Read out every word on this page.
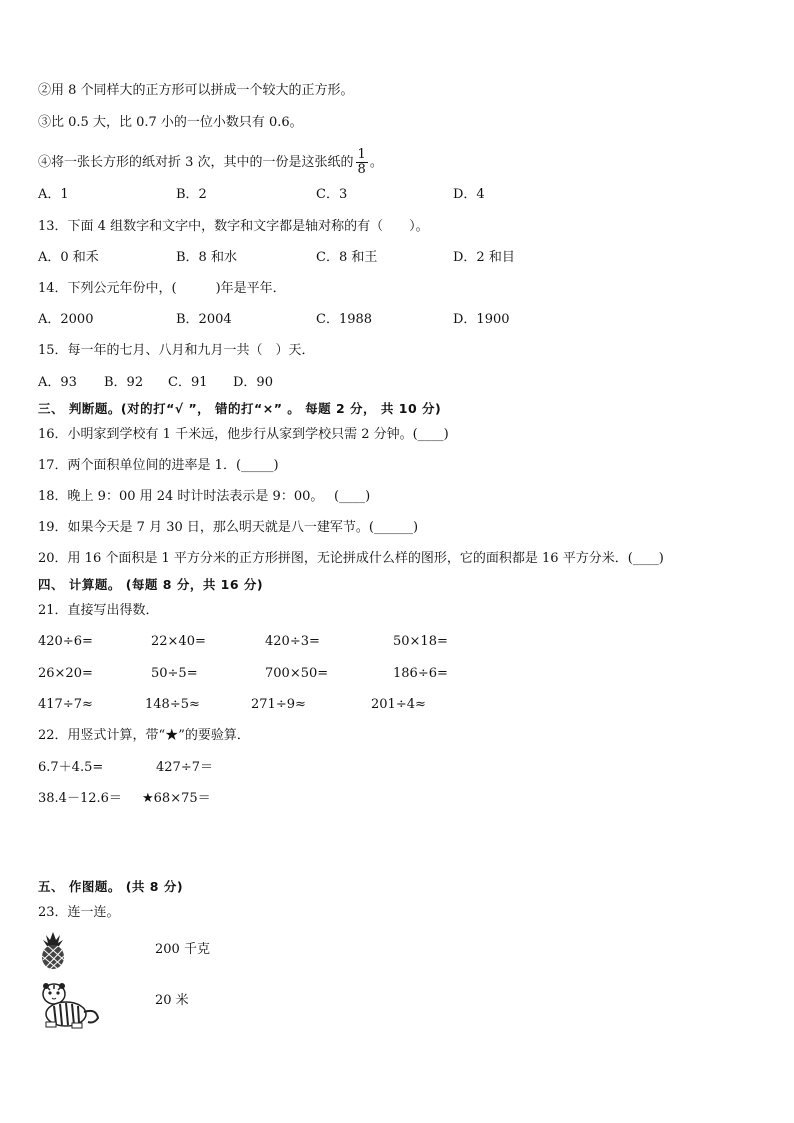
②用 8 个同样大的正方形可以拼成一个较大的正方形。
③比 0.5 大，比 0.7 小的一位小数只有 0.6。
④将一张长方形的纸对折 3 次，其中的一份是这张纸的 $\frac{1}{8}$ 。
A．1	B．2	C．3	D．4
13．下面 4 组数字和文字中，数字和文字都是轴对称的有（　　）。
A．0 和禾	B．8 和水	C．8 和王	D．2 和目
14．下列公元年份中，(　　　)年是平年．
A．2000	B．2004	C．1988	D．1900
15．每一年的七月、八月和九月一共（　）天．
A．93 B．92 C．91 D．90
三、 判断题。(对的打“√ ”， 错的打“×” 。 每题 2 分， 共 10 分)
16．小明家到学校有 1 千米远，他步行从家到学校只需 2 分钟。(____)
17．两个面积单位间的进率是 1．(_____)
18．晚上 9：00 用 24 时计时法表示是 9：00。　 (____)
19．如果今天是 7 月 30 日，那么明天就是八一建军节。(______)
20．用 16 个面积是 1 平方分米的正方形拼图，无论拼成什么样的图形，它的面积都是 16 平方分米．(____)
四、 计算题。 (每题 8 分，共 16 分)
21．直接写出得数．
420÷6=	22×40=	420÷3=	50×18=
26×20=	50÷5=	700×50=	186÷6=
417÷7≈	148÷5≈	271÷9≈	201÷4≈
22．用竖式计算，带“★”的要验算．
6.7＋4.5=	427÷7＝
38.4－12.6＝ ★68×75＝
五、 作图题。 (共 8 分)
23．连一连。
200 千克
20 米
